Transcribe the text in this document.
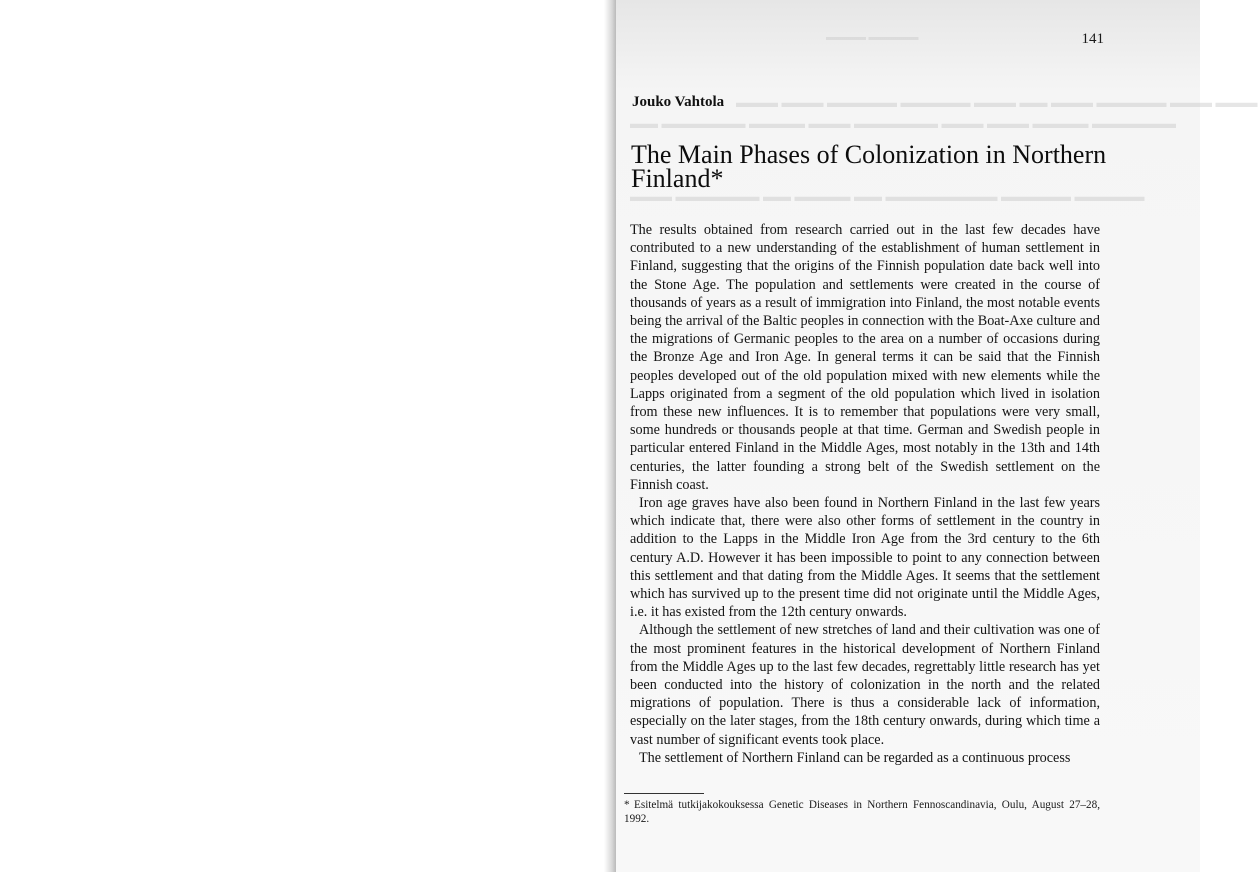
▬▬▬▬ ▬▬▬▬▬
▬▬▬ ▬▬▬ ▬▬▬▬▬ ▬▬▬▬▬ ▬▬▬ ▬▬ ▬▬▬ ▬▬▬▬▬ ▬▬▬ ▬▬▬
▬▬ ▬▬▬▬▬▬ ▬▬▬▬ ▬▬▬ ▬▬▬▬▬▬ ▬▬▬ ▬▬▬ ▬▬▬▬ ▬▬▬▬▬▬
▬▬▬ ▬▬▬▬▬▬ ▬▬ ▬▬▬▬ ▬▬ ▬▬▬▬▬▬▬▬ ▬▬▬▬▬ ▬▬▬▬▬
141
Jouko Vahtola
The Main Phases of Colonization in Northern Finland*

The results obtained from research carried out in the last few decades have contributed to a new understanding of the establishment of human settlement in Finland, suggesting that the origins of the Finnish population date back well into the Stone Age. The population and settlements were created in the course of thousands of years as a result of immigration into Finland, the most notable events being the arrival of the Baltic peoples in connection with the Boat-Axe culture and the migrations of Germanic peoples to the area on a number of occasions during the Bronze Age and Iron Age. In general terms it can be said that the Finnish peoples developed out of the old population mixed with new elements while the Lapps originated from a segment of the old population which lived in isolation from these new influences. It is to remember that populations were very small, some hundreds or thousands people at that time. German and Swedish people in particular entered Finland in the Middle Ages, most notably in the 13th and 14th centuries, the latter founding a strong belt of the Swedish settlement on the Finnish coast.

Iron age graves have also been found in Northern Finland in the last few years which indicate that, there were also other forms of settlement in the country in addition to the Lapps in the Middle Iron Age from the 3rd century to the 6th century A.D. However it has been impossible to point to any connection between this settlement and that dating from the Middle Ages. It seems that the settlement which has survived up to the present time did not originate until the Middle Ages, i.e. it has existed from the 12th century onwards.

Although the settlement of new stretches of land and their cultivation was one of the most prominent features in the historical development of Northern Finland from the Middle Ages up to the last few decades, regrettably little research has yet been conducted into the history of colonization in the north and the related migrations of population. There is thus a considerable lack of information, especially on the later stages, from the 18th century onwards, during which time a vast number of significant events took place.

The settlement of Northern Finland can be regarded as a continuous process

* Esitelmä tutkijakokouksessa Genetic Diseases in Northern Fennoscandinavia, Oulu, August 27–28, 1992.
